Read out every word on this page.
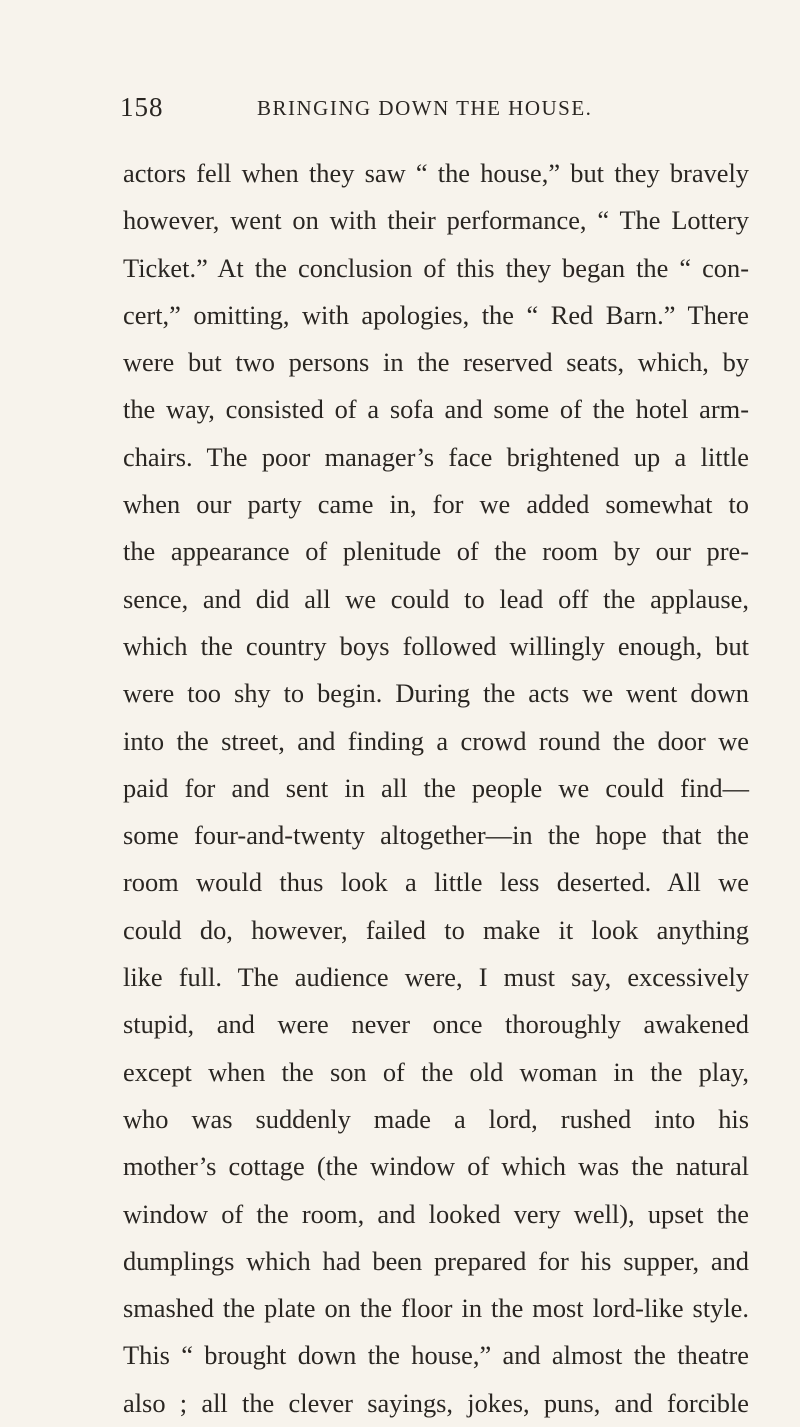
158	BRINGING DOWN THE HOUSE.
actors fell when they saw “ the house,” but they bravely
however, went on with their performance, “ The Lottery
Ticket.” At the conclusion of this they began the “ con-
cert,” omitting, with apologies, the “ Red Barn.” There
were but two persons in the reserved seats, which, by
the way, consisted of a sofa and some of the hotel arm-
chairs. The poor manager’s face brightened up a little
when our party came in, for we added somewhat to
the appearance of plenitude of the room by our pre-
sence, and did all we could to lead off the applause,
which the country boys followed willingly enough, but
were too shy to begin. During the acts we went down
into the street, and finding a crowd round the door we
paid for and sent in all the people we could find—
some four-and-twenty altogether—in the hope that the
room would thus look a little less deserted. All we
could do, however, failed to make it look anything
like full. The audience were, I must say, excessively
stupid, and were never once thoroughly awakened
except when the son of the old woman in the play,
who was suddenly made a lord, rushed into his
mother’s cottage (the window of which was the natural
window of the room, and looked very well), upset the
dumplings which had been prepared for his supper, and
smashed the plate on the floor in the most lord-like style.
This “ brought down the house,” and almost the theatre
also ; all the clever sayings, jokes, puns, and forcible
